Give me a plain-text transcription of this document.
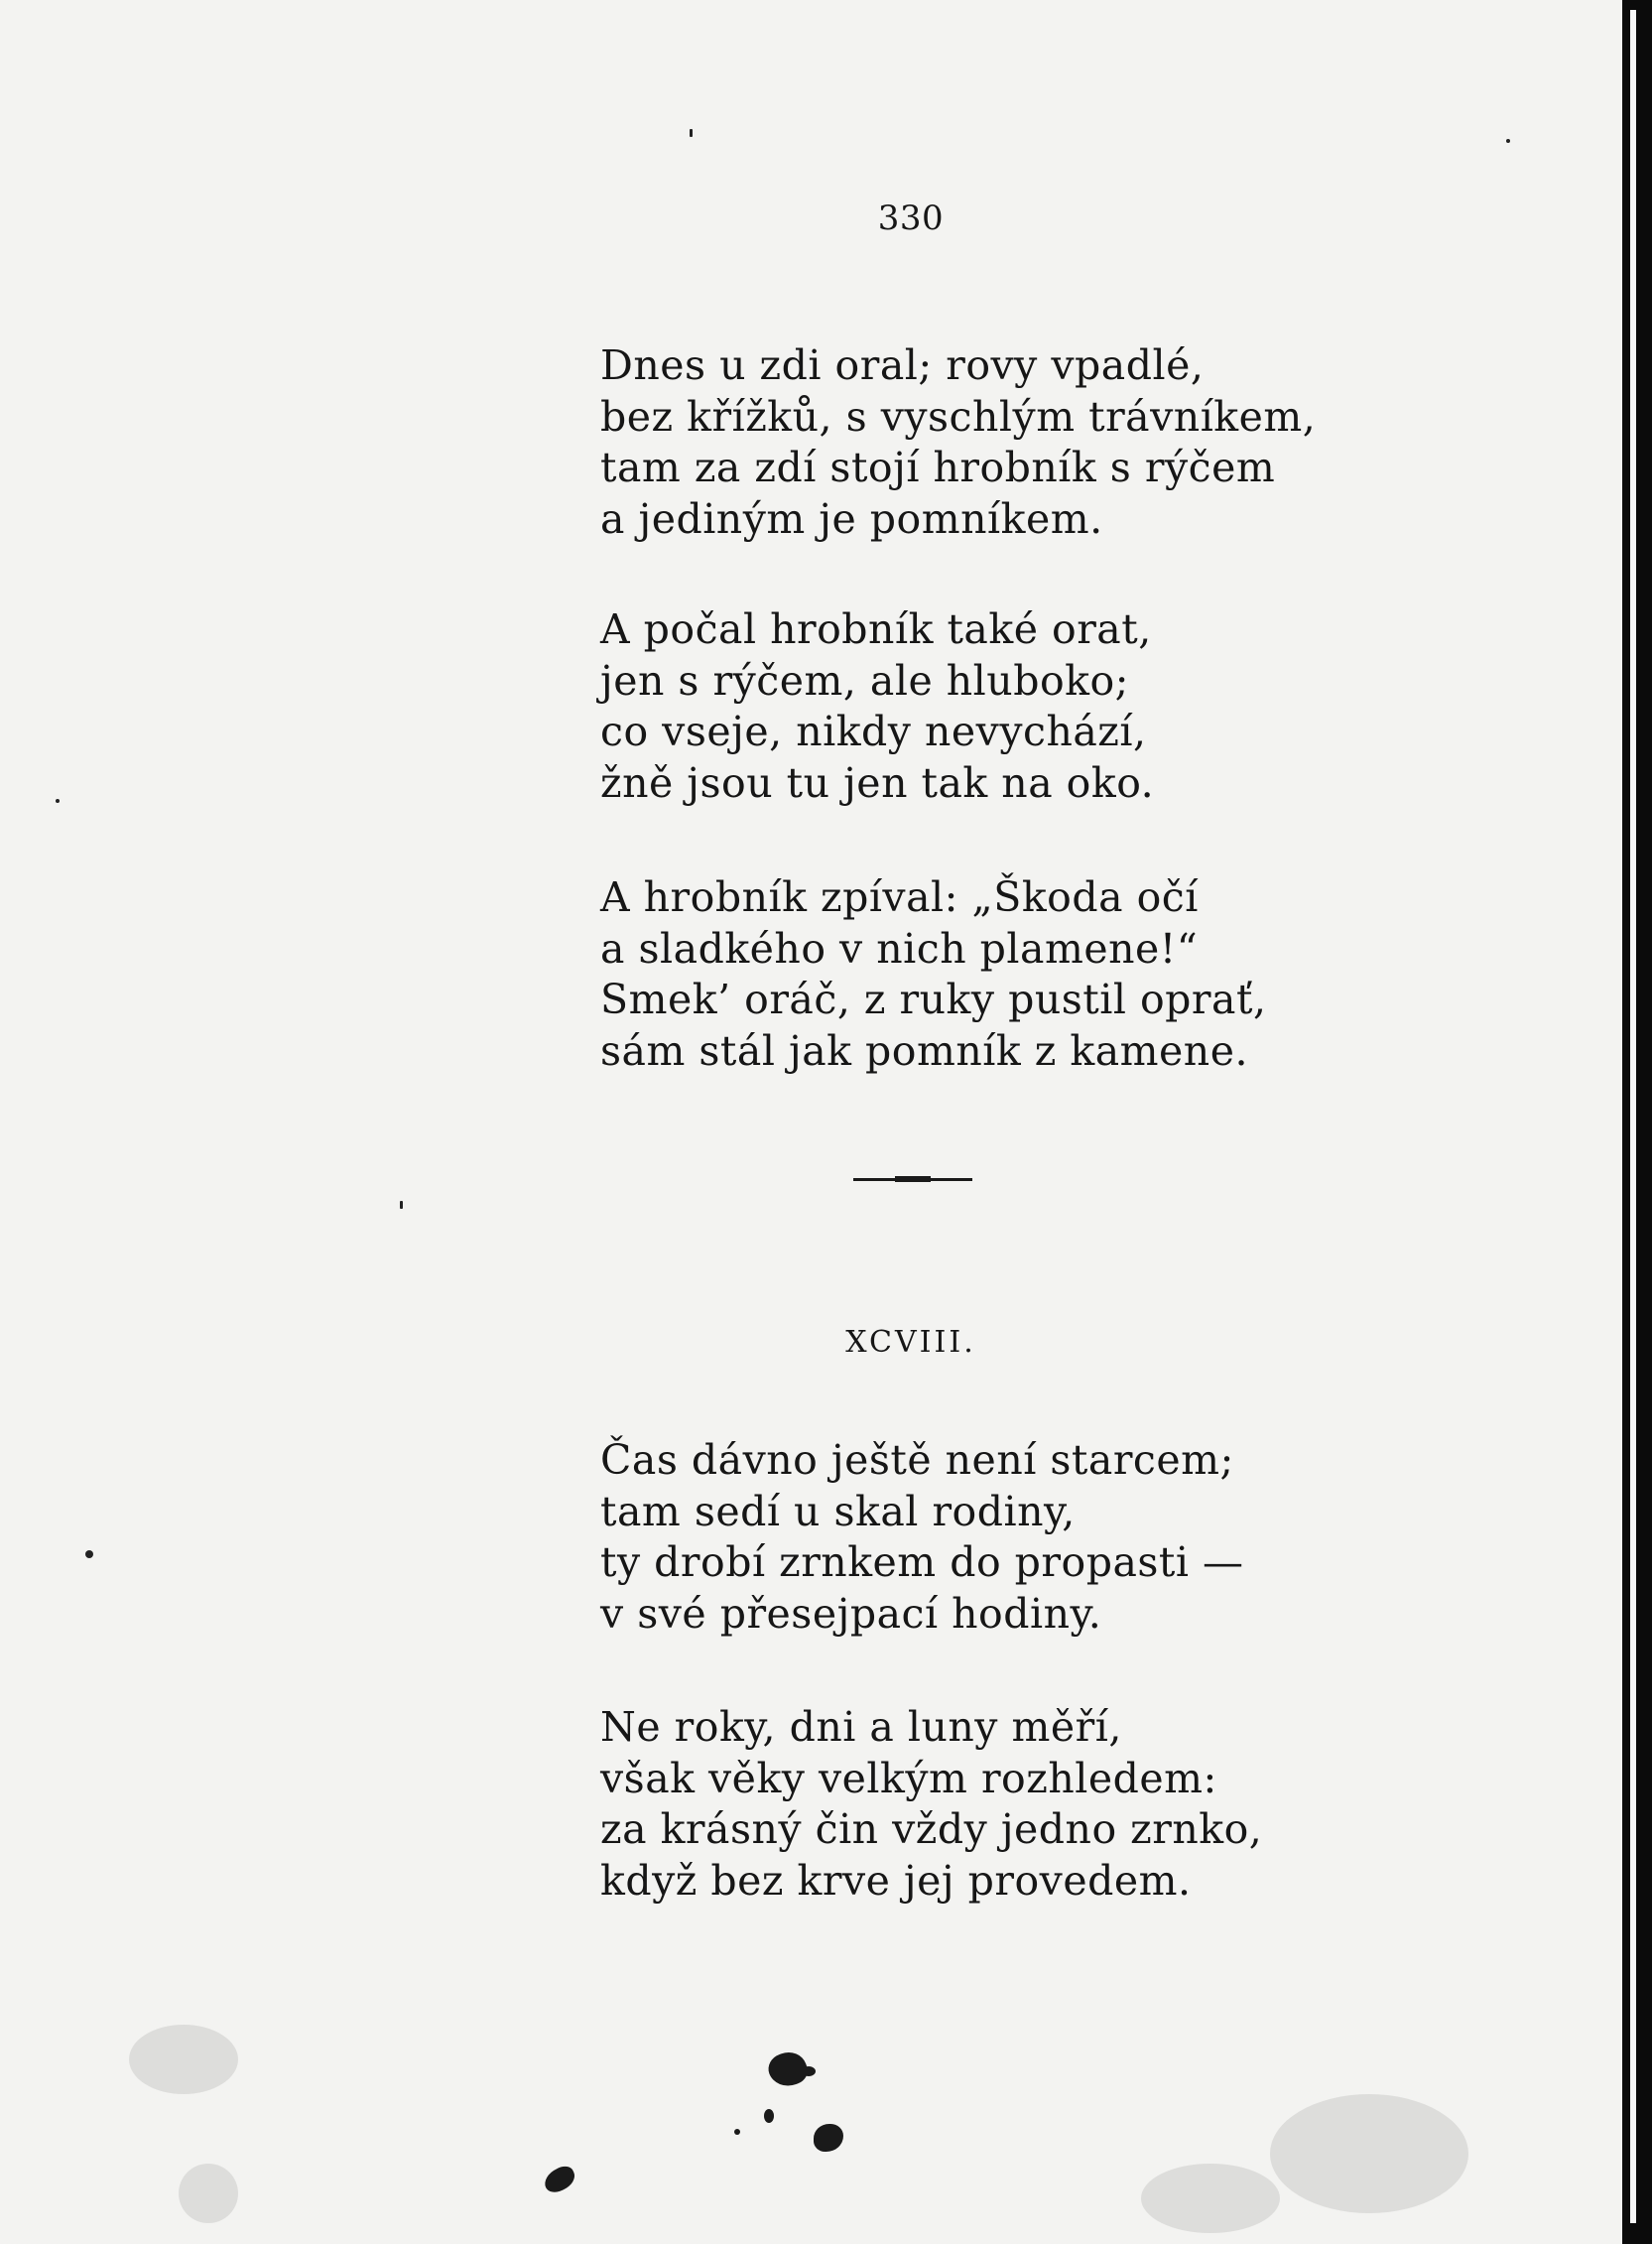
330
Dnes u zdi oral; rovy vpadlé,
bez křížků, s vyschlým trávníkem,
tam za zdí stojí hrobník s rýčem
a jediným je pomníkem.
A počal hrobník také orat,
jen s rýčem, ale hluboko;
co vseje, nikdy nevychází,
žně jsou tu jen tak na oko.
A hrobník zpíval: „Škoda očí
a sladkého v nich plamene!“
Smek’ oráč, z ruky pustil oprať,
sám stál jak pomník z kamene.
XCVIII.
Čas dávno ještě není starcem;
tam sedí u skal rodiny,
ty drobí zrnkem do propasti —
v své přesejpací hodiny.
Ne roky, dni a luny měří,
však věky velkým rozhledem:
za krásný čin vždy jedno zrnko,
když bez krve jej provedem.
